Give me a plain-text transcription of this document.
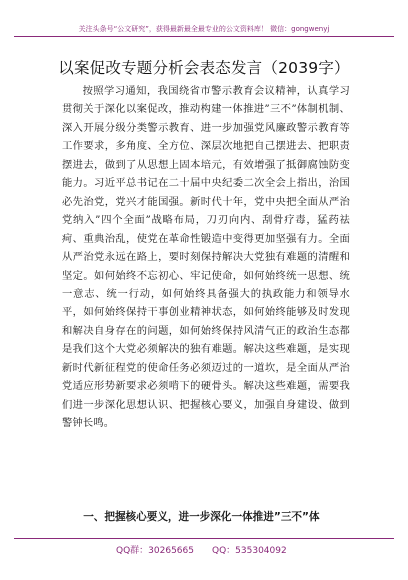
关注头条号“公文研究”，获得最新最全最专业的公文资料库！ 微信：gongwenyj
以案促改专题分析会表态发言（2039字）

按照学习通知，我国绕省市警示教育会议精神，认真学习贯彻关于深化以案促改，推动构建一体推进”三不”体制机制、深入开展分级分类警示教育、进一步加强党风廉政警示教育等工作要求，多角度、全方位、深层次地把自己摆进去、把职责摆进去，做到了从思想上固本培元，有效增强了抵御腐蚀防变能力。习近平总书记在二十届中央纪委二次全会上指出，治国必先治党，党兴才能国强。新时代十年，党中央把全面从严治党纳入”四个全面”战略布局，刀刃向内、刮骨疗毒，猛药祛疴、重典治乱，使党在革命性锻造中变得更加坚强有力。全面从严治党永远在路上，要时刻保持解决大党独有难题的清醒和坚定。如何始终不忘初心、牢记使命，如何始终统一思想、统一意志、统一行动，如何始终具备强大的执政能力和领导水平，如何始终保持干事创业精神状态，如何始终能够及时发现和解决自身存在的问题，如何始终保持风清气正的政治生态都是我们这个大党必须解决的独有难题。解决这些难题，是实现新时代新征程党的使命任务必须迈过的一道坎，是全面从严治党适应形势新要求必须啃下的硬骨头。解决这些难题，需要我们进一步深化思想认识、把握核心要义，加强自身建设、做到警钟长鸣。

一、把握核心要义，进一步深化一体推进”三不”体

QQ群：30265665 QQ：535304092
